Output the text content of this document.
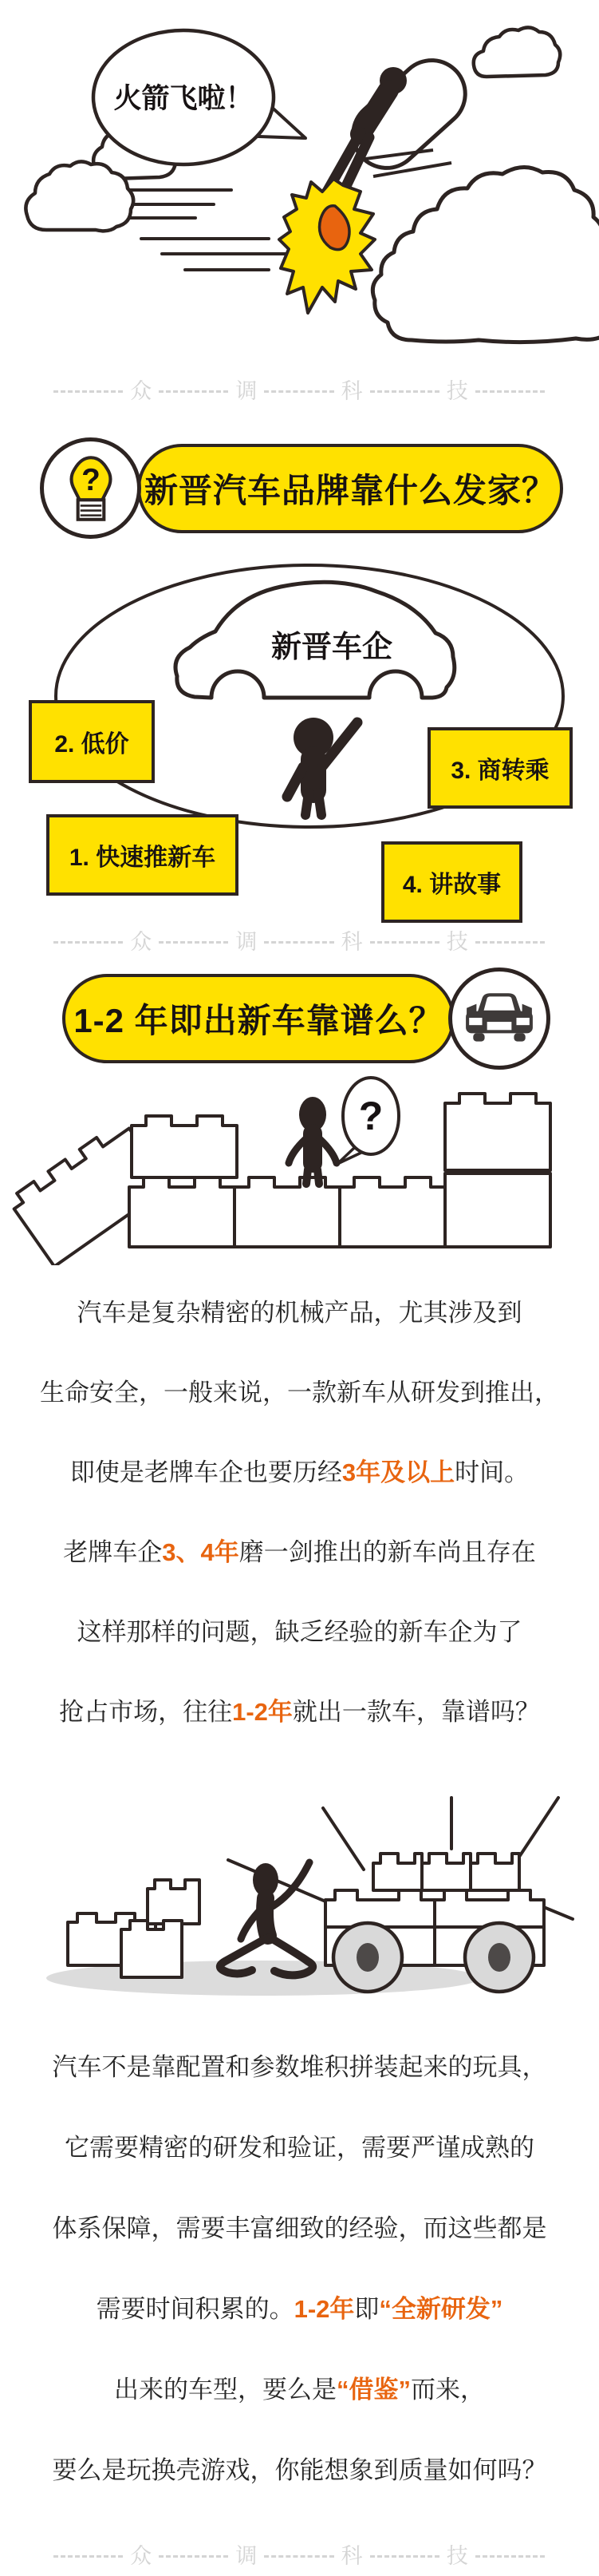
火箭飞啦！
众	调	科	技
新晋汽车品牌靠什么发家？
?
新晋车企
1. 快速推新车
2. 低价
3. 商转乘
4. 讲故事
众	调	科	技
1-2 年即出新车靠谱么？
?
汽车是复杂精密的机械产品，尤其涉及到
生命安全，一般来说，一款新车从研发到推出，
即使是老牌车企也要历经3年及以上时间。
老牌车企3、4年磨一剑推出的新车尚且存在
这样那样的问题，缺乏经验的新车企为了
抢占市场，往往1-2年就出一款车，靠谱吗？
汽车不是靠配置和参数堆积拼装起来的玩具，
它需要精密的研发和验证，需要严谨成熟的
体系保障，需要丰富细致的经验，而这些都是
需要时间积累的。1-2年即“全新研发”
出来的车型，要么是“借鉴”而来，
要么是玩换壳游戏，你能想象到质量如何吗？
众	调	科	技
